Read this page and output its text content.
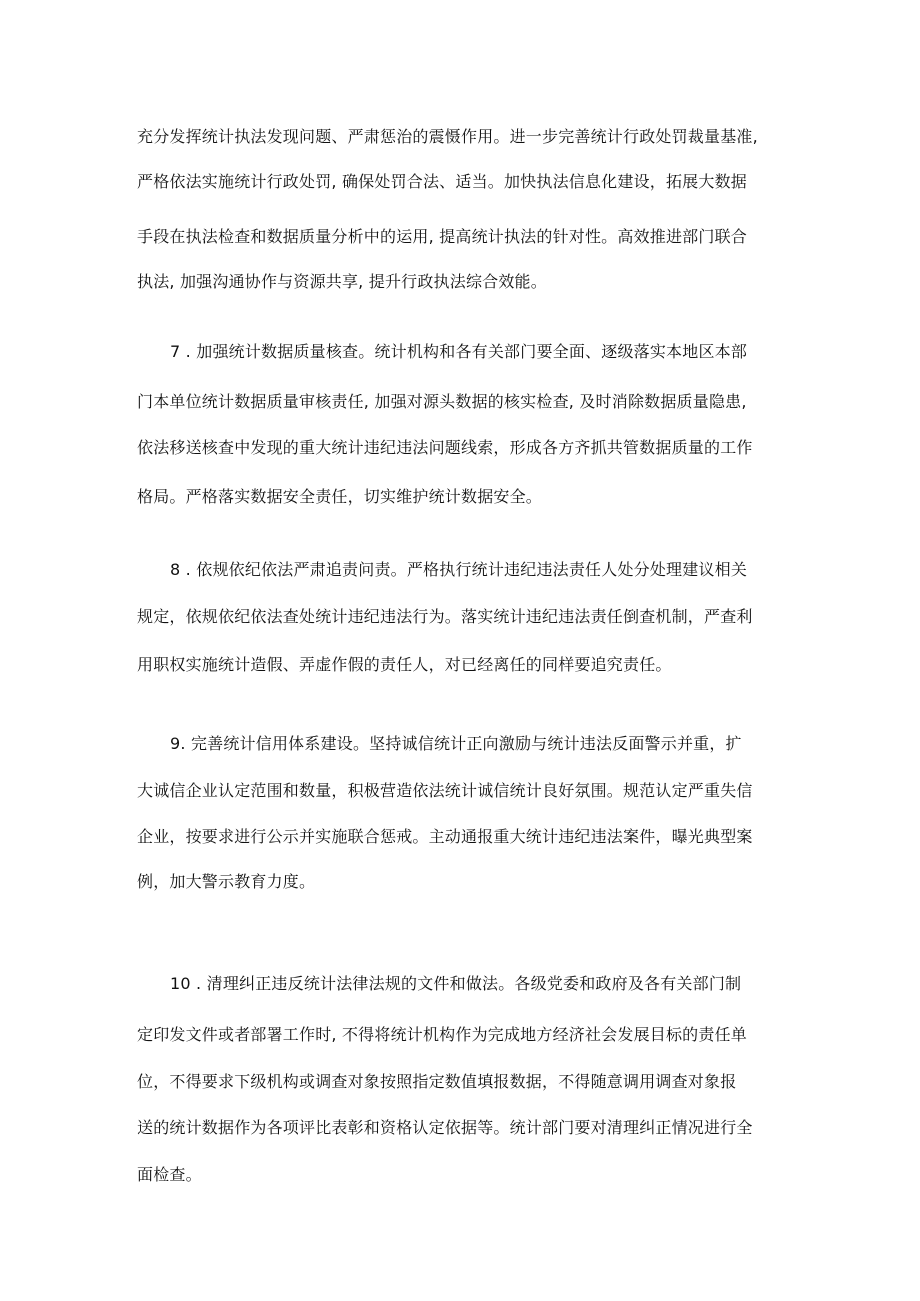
充分发挥统计执法发现问题、严肃惩治的震慑作用。进一步完善统计行政处罚裁量基准,
严格依法实施统计行政处罚, 确保处罚合法、适当。加快执法信息化建设，拓展大数据
手段在执法检查和数据质量分析中的运用, 提高统计执法的针对性。高效推进部门联合
执法, 加强沟通协作与资源共享, 提升行政执法综合效能。
7 . 加强统计数据质量核查。统计机构和各有关部门要全面、逐级落实本地区本部
门本单位统计数据质量审核责任, 加强对源头数据的核实检查, 及时消除数据质量隐患,
依法移送核查中发现的重大统计违纪违法问题线索，形成各方齐抓共管数据质量的工作
格局。严格落实数据安全责任，切实维护统计数据安全。
8 . 依规依纪依法严肃追责问责。严格执行统计违纪违法责任人处分处理建议相关
规定，依规依纪依法查处统计违纪违法行为。落实统计违纪违法责任倒查机制，严查利
用职权实施统计造假、弄虚作假的责任人，对已经离任的同样要追究责任。
9. 完善统计信用体系建设。坚持诚信统计正向激励与统计违法反面警示并重，扩
大诚信企业认定范围和数量，积极营造依法统计诚信统计良好氛围。规范认定严重失信
企业，按要求进行公示并实施联合惩戒。主动通报重大统计违纪违法案件，曝光典型案
例，加大警示教育力度。
10 . 清理纠正违反统计法律法规的文件和做法。各级党委和政府及各有关部门制
定印发文件或者部署工作时, 不得将统计机构作为完成地方经济社会发展目标的责任单
位，不得要求下级机构或调查对象按照指定数值填报数据，不得随意调用调查对象报
送的统计数据作为各项评比表彰和资格认定依据等。统计部门要对清理纠正情况进行全
面检查。
